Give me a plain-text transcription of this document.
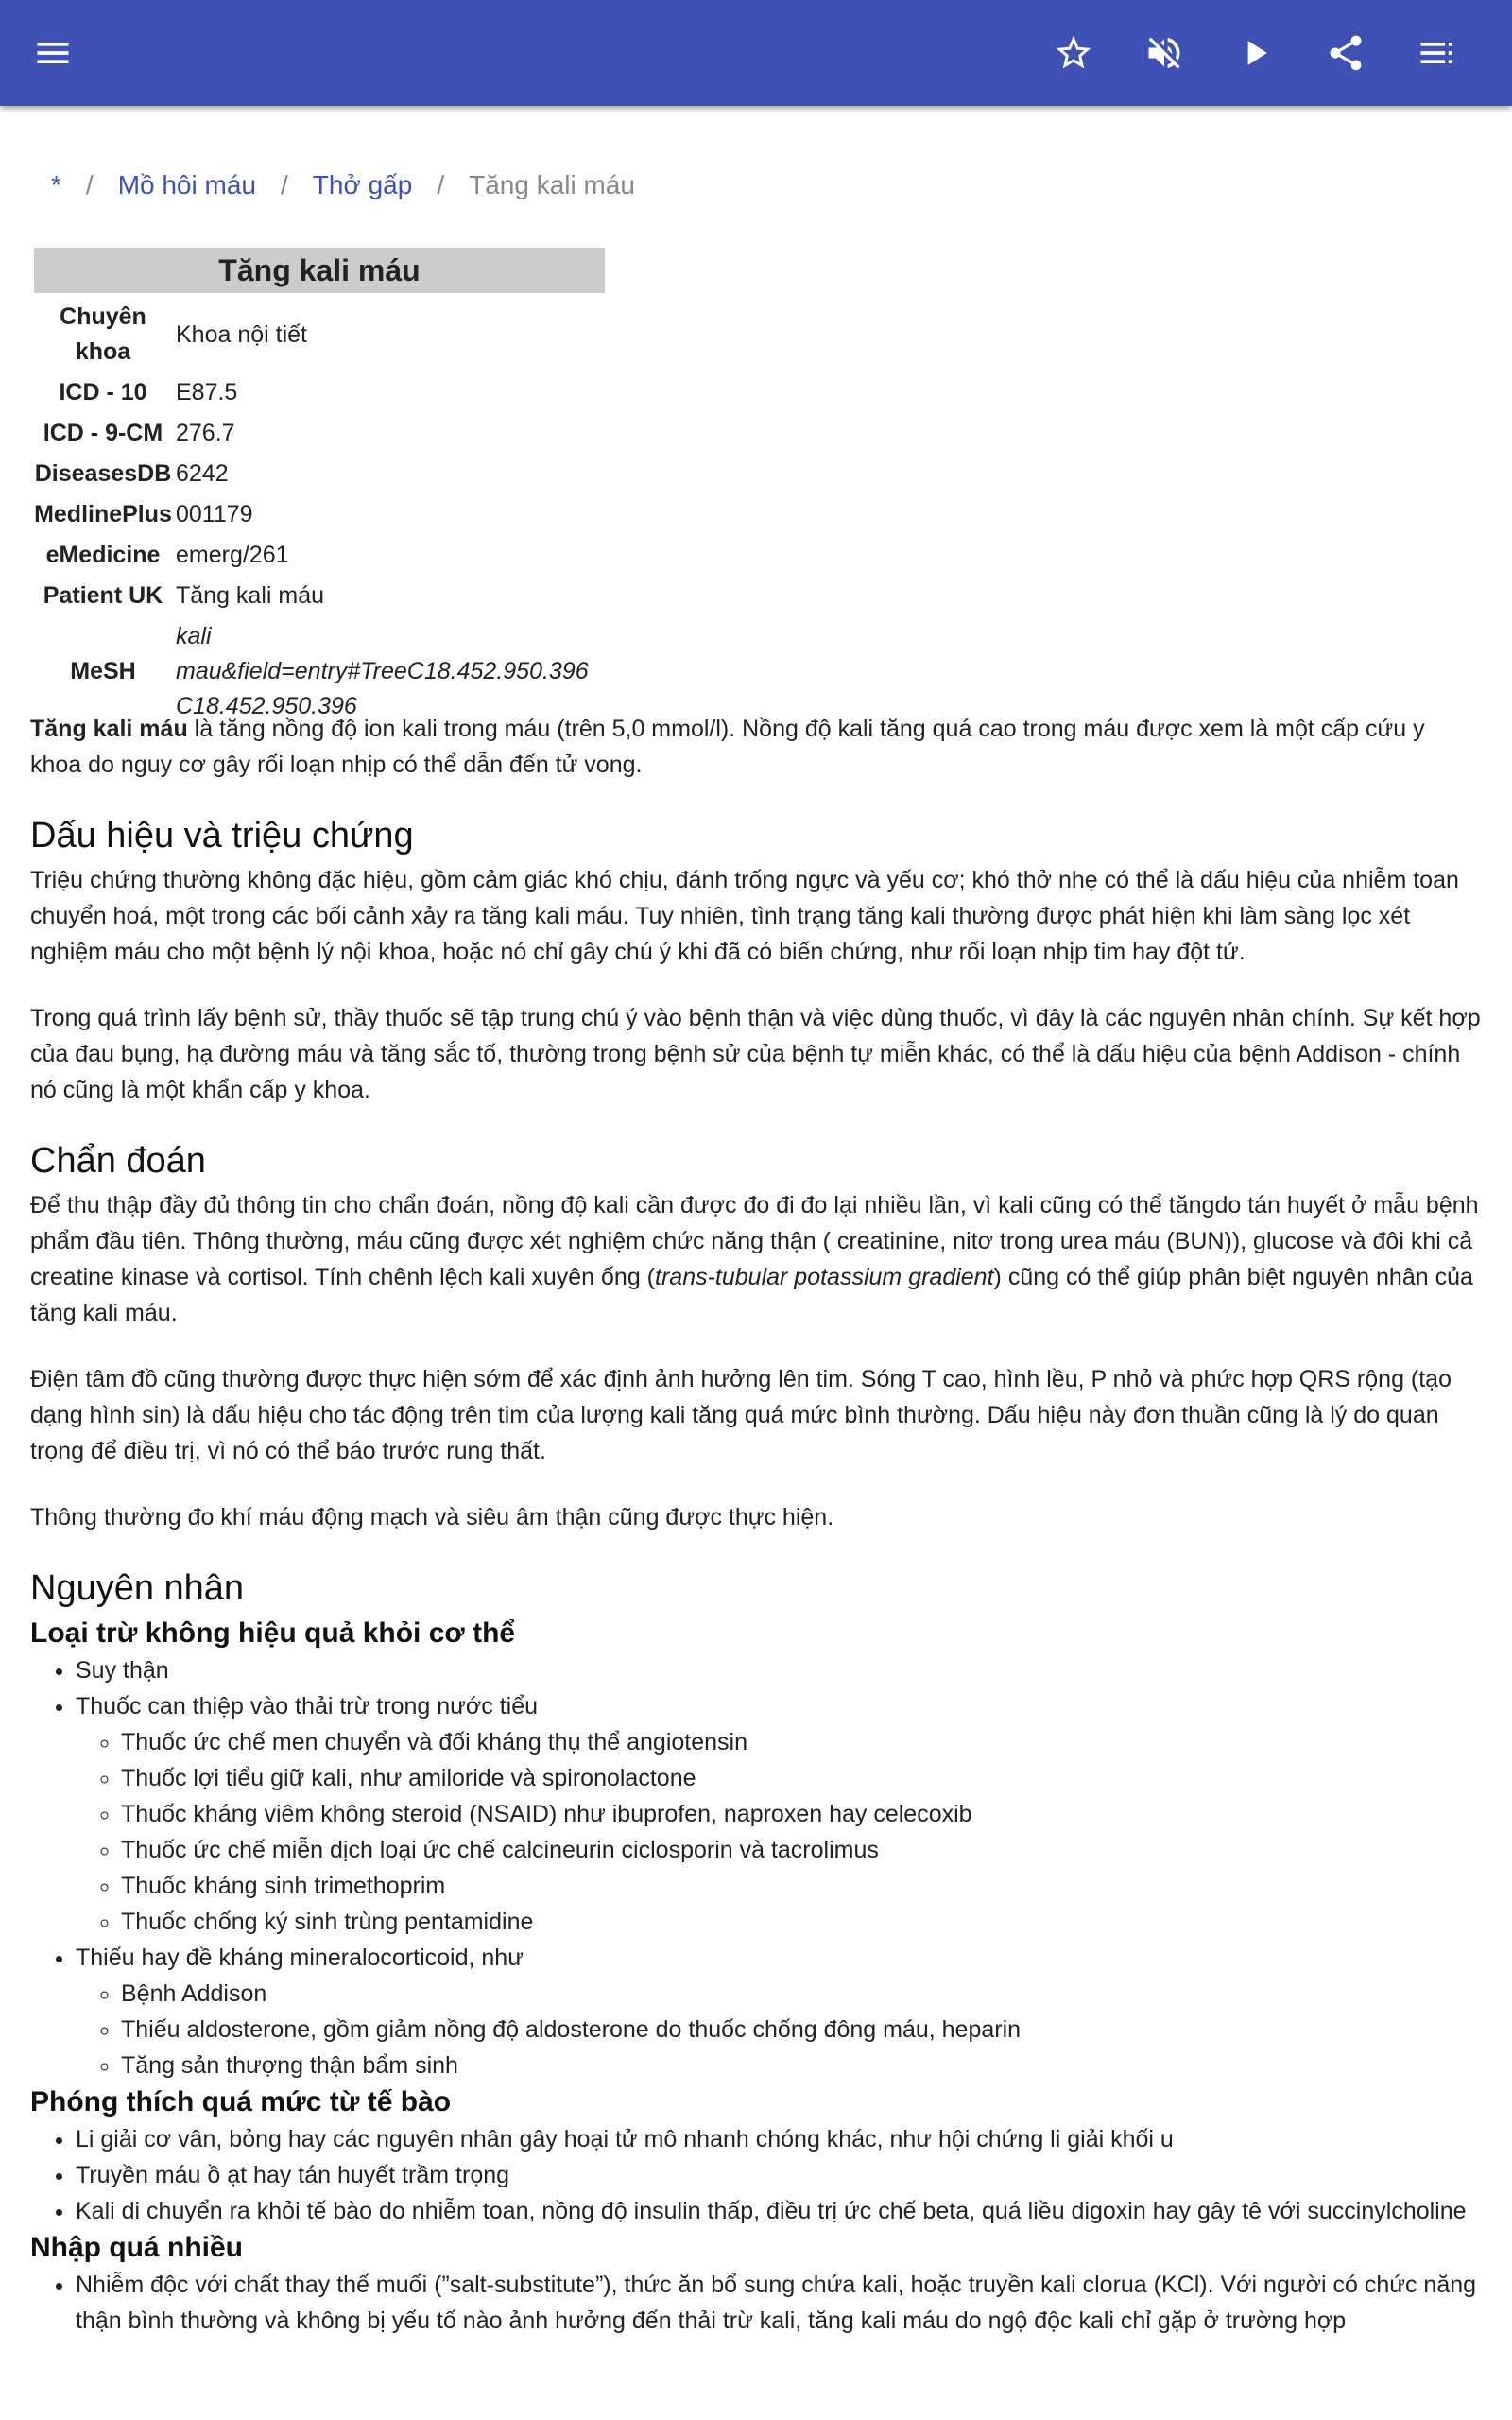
* / Mồ hôi máu / Thở gấp / Tăng kali máu
Tăng kali máu
Chuyên khoa	Khoa nội tiết
ICD - 10	E87.5
ICD - 9-CM	276.7
DiseasesDB	6242
MedlinePlus	001179
eMedicine	emerg/261
Patient UK	Tăng kali máu
MeSH	kali
mau&field=entry#TreeC18.452.950.396
C18.452.950.396

Tăng kali máu là tăng nồng độ ion kali trong máu (trên 5,0 mmol/l). Nồng độ kali tăng quá cao trong máu được xem là một cấp cứu y khoa do nguy cơ gây rối loạn nhịp có thể dẫn đến tử vong.

Dấu hiệu và triệu chứng

Triệu chứng thường không đặc hiệu, gồm cảm giác khó chịu, đánh trống ngực và yếu cơ; khó thở nhẹ có thể là dấu hiệu của nhiễm toan chuyển hoá, một trong các bối cảnh xảy ra tăng kali máu. Tuy nhiên, tình trạng tăng kali thường được phát hiện khi làm sàng lọc xét nghiệm máu cho một bệnh lý nội khoa, hoặc nó chỉ gây chú ý khi đã có biến chứng, như rối loạn nhịp tim hay đột tử.

Trong quá trình lấy bệnh sử, thầy thuốc sẽ tập trung chú ý vào bệnh thận và việc dùng thuốc, vì đây là các nguyên nhân chính. Sự kết hợp của đau bụng, hạ đường máu và tăng sắc tố, thường trong bệnh sử của bệnh tự miễn khác, có thể là dấu hiệu của bệnh Addison - chính nó cũng là một khẩn cấp y khoa.

Chẩn đoán

Để thu thập đầy đủ thông tin cho chẩn đoán, nồng độ kali cần được đo đi đo lại nhiều lần, vì kali cũng có thể tăngdo tán huyết ở mẫu bệnh phẩm đầu tiên. Thông thường, máu cũng được xét nghiệm chức năng thận ( creatinine, nitơ trong urea máu (BUN)), glucose và đôi khi cả creatine kinase và cortisol. Tính chênh lệch kali xuyên ống (trans-tubular potassium gradient) cũng có thể giúp phân biệt nguyên nhân của tăng kali máu.

Điện tâm đồ cũng thường được thực hiện sớm để xác định ảnh hưởng lên tim. Sóng T cao, hình lều, P nhỏ và phức hợp QRS rộng (tạo dạng hình sin) là dấu hiệu cho tác động trên tim của lượng kali tăng quá mức bình thường. Dấu hiệu này đơn thuần cũng là lý do quan trọng để điều trị, vì nó có thể báo trước rung thất.

Thông thường đo khí máu động mạch và siêu âm thận cũng được thực hiện.

Nguyên nhân
Loại trừ không hiệu quả khỏi cơ thể
• Suy thận
• Thuốc can thiệp vào thải trừ trong nước tiểu
◦ Thuốc ức chế men chuyển và đối kháng thụ thể angiotensin
◦ Thuốc lợi tiểu giữ kali, như amiloride và spironolactone
◦ Thuốc kháng viêm không steroid (NSAID) như ibuprofen, naproxen hay celecoxib
◦ Thuốc ức chế miễn dịch loại ức chế calcineurin ciclosporin và tacrolimus
◦ Thuốc kháng sinh trimethoprim
◦ Thuốc chống ký sinh trùng pentamidine
• Thiếu hay đề kháng mineralocorticoid, như
◦ Bệnh Addison
◦ Thiếu aldosterone, gồm giảm nồng độ aldosterone do thuốc chống đông máu, heparin
◦ Tăng sản thượng thận bẩm sinh
Phóng thích quá mức từ tế bào
• Li giải cơ vân, bỏng hay các nguyên nhân gây hoại tử mô nhanh chóng khác, như hội chứng li giải khối u
• Truyền máu ồ ạt hay tán huyết trầm trọng
• Kali di chuyển ra khỏi tế bào do nhiễm toan, nồng độ insulin thấp, điều trị ức chế beta, quá liều digoxin hay gây tê với succinylcholine
Nhập quá nhiều
• Nhiễm độc với chất thay thế muối (”salt-substitute”), thức ăn bổ sung chứa kali, hoặc truyền kali clorua (KCl). Với người có chức năng thận bình thường và không bị yếu tố nào ảnh hưởng đến thải trừ kali, tăng kali máu do ngộ độc kali chỉ gặp ở trường hợp
